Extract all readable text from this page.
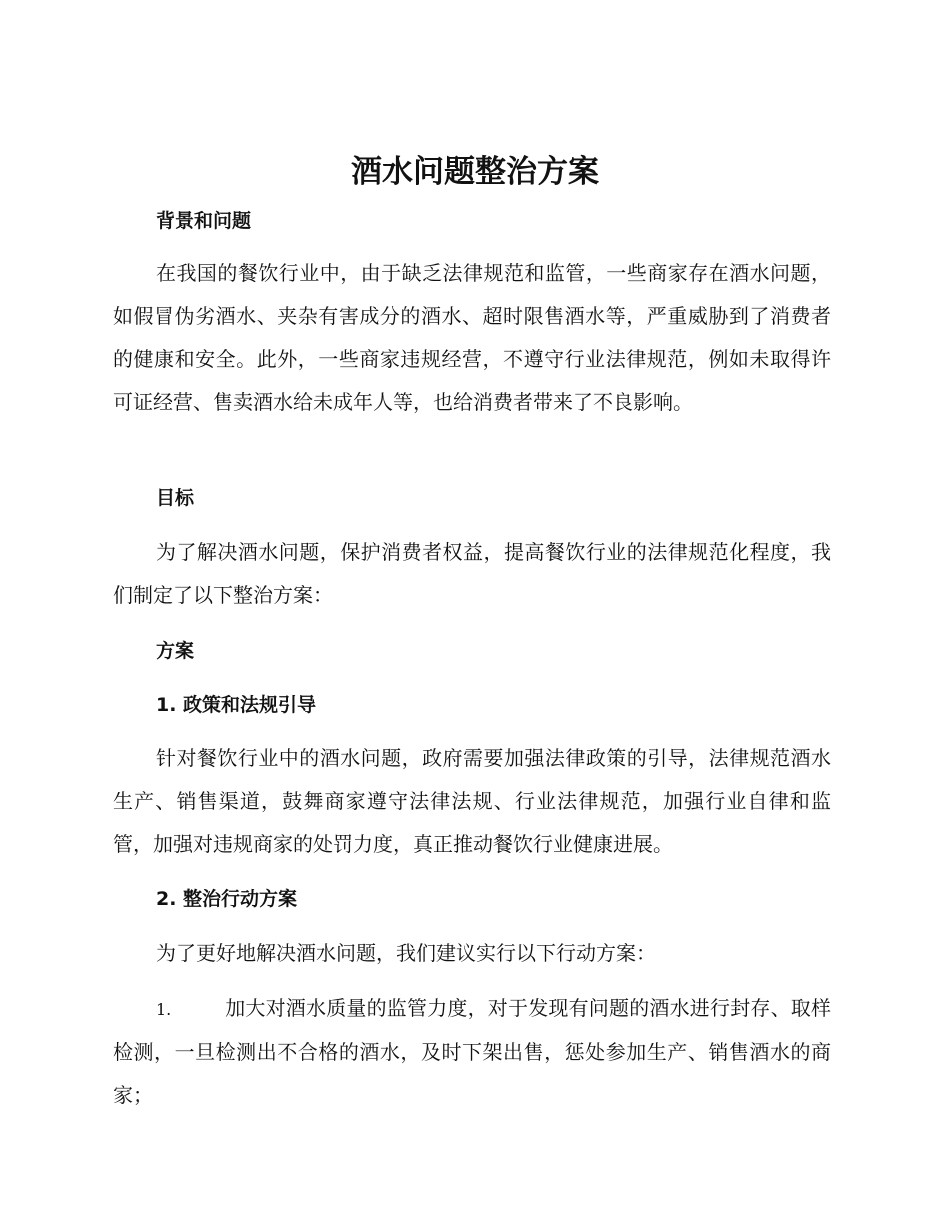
酒水问题整治方案
背景和问题

在我国的餐饮行业中，由于缺乏法律规范和监管，一些商家存在酒水问题，如假冒伪劣酒水、夹杂有害成分的酒水、超时限售酒水等，严重威胁到了消费者的健康和安全。此外，一些商家违规经营，不遵守行业法律规范，例如未取得许可证经营、售卖酒水给未成年人等，也给消费者带来了不良影响。

目标

为了解决酒水问题，保护消费者权益，提高餐饮行业的法律规范化程度，我们制定了以下整治方案：

方案
1. 政策和法规引导

针对餐饮行业中的酒水问题，政府需要加强法律政策的引导，法律规范酒水生产、销售渠道，鼓舞商家遵守法律法规、行业法律规范，加强行业自律和监管，加强对违规商家的处罚力度，真正推动餐饮行业健康进展。

2. 整治行动方案

为了更好地解决酒水问题，我们建议实行以下行动方案：

1.	加大对酒水质量的监管力度，对于发现有问题的酒水进行封存、取样检测，一旦检测出不合格的酒水，及时下架出售，惩处参加生产、销售酒水的商家；
